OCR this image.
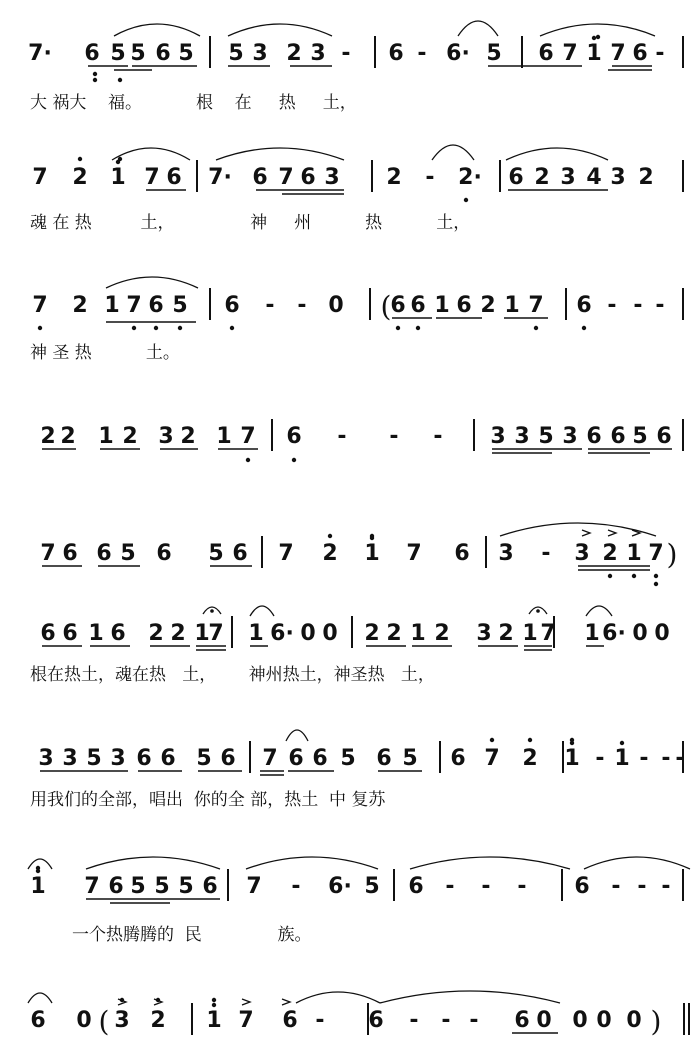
7· 6 5 5 6 5 5 3 2 3 - 6 - 6· 5 6 7 1 7 6 -
7 2 1 7 6 7· 6 7 6 3 2 - 2· 6 2 3 4 3 2
7 2 1 7 6 5 6 - - 0 (
6 6 1 6 2 1 7 6 - - -
2 2 1 2 3 2 1 7 6 - - - 3 3 5 3 6 6 5 6
7 6 6 5 6 5 6 7 2 1 7 6 3 - 3 2 1 7 )
6 6 1 6 2 2 1
7 1 6· 0 0 2 2 1 2 3 2 1 7 1 6· 0 0
3 3 5 3 6 6 5 6 7 6 6 5 6 5 6 7 2 1 - 1 - - -
1 7 6 5 5 5 6 7 - 6· 5 6 - - - 6 - - -
6 0 ( 3 2 1 7 6 - 6 - - - 6 0 0 0 0 )
大 祸大    福。          根    在     热     土，
魂 在 热         土，              神     州          热          土，
神 圣 热          土。
根在热土，魂在热   土，      神州热土，神圣热   土，
用我们的全部，唱出  你的全 部，热土  中 复苏
一个热腾腾的  民              族。
